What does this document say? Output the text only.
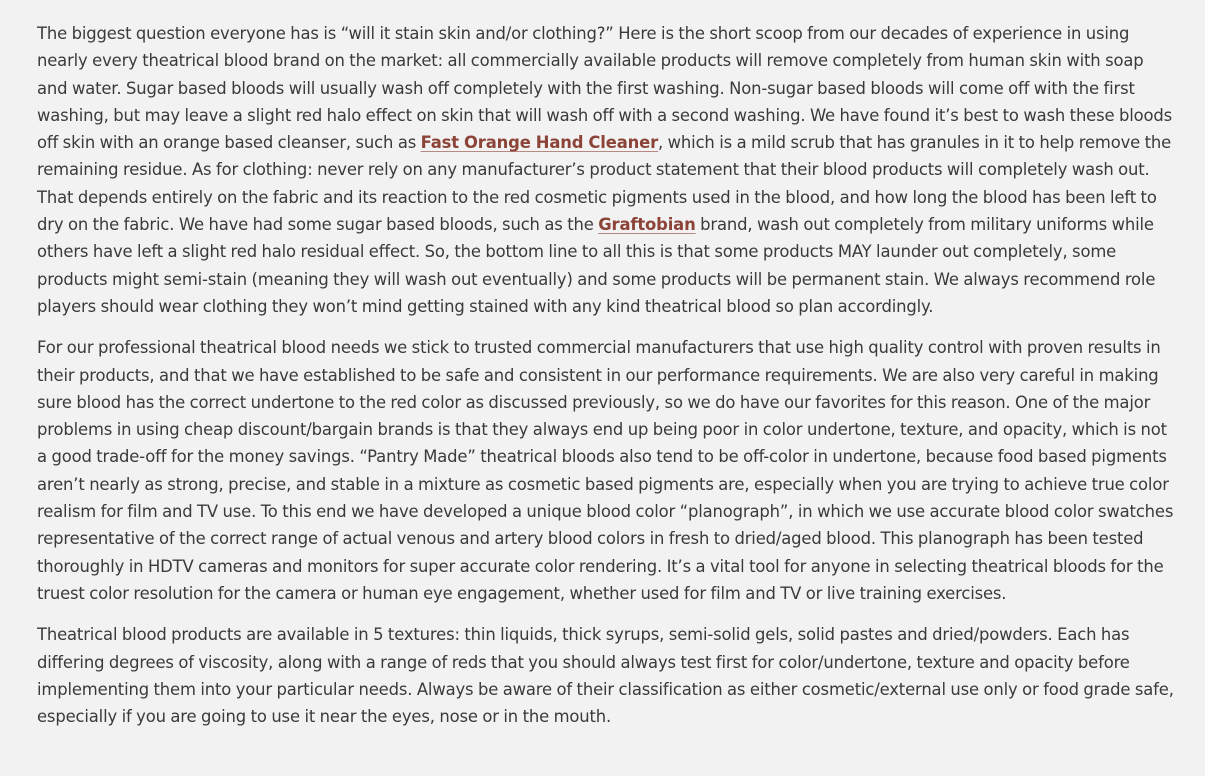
The biggest question everyone has is “will it stain skin and/or clothing?” Here is the short scoop from our decades of experience in using nearly every theatrical blood brand on the market: all commercially available products will remove completely from human skin with soap and water. Sugar based bloods will usually wash off completely with the first washing. Non-sugar based bloods will come off with the first washing, but may leave a slight red halo effect on skin that will wash off with a second washing. We have found it’s best to wash these bloods off skin with an orange based cleanser, such as Fast Orange Hand Cleaner, which is a mild scrub that has granules in it to help remove the remaining residue. As for clothing: never rely on any manufacturer’s product statement that their blood products will completely wash out. That depends entirely on the fabric and its reaction to the red cosmetic pigments used in the blood, and how long the blood has been left to dry on the fabric. We have had some sugar based bloods, such as the Graftobian brand, wash out completely from military uniforms while others have left a slight red halo residual effect. So, the bottom line to all this is that some products MAY launder out completely, some products might semi-stain (meaning they will wash out eventually) and some products will be permanent stain. We always recommend role players should wear clothing they won’t mind getting stained with any kind theatrical blood so plan accordingly.

For our professional theatrical blood needs we stick to trusted commercial manufacturers that use high quality control with proven results in their products, and that we have established to be safe and consistent in our performance requirements. We are also very careful in making sure blood has the correct undertone to the red color as discussed previously, so we do have our favorites for this reason. One of the major problems in using cheap discount/bargain brands is that they always end up being poor in color undertone, texture, and opacity, which is not a good trade-off for the money savings. “Pantry Made” theatrical bloods also tend to be off-color in undertone, because food based pigments aren’t nearly as strong, precise, and stable in a mixture as cosmetic based pigments are, especially when you are trying to achieve true color realism for film and TV use. To this end we have developed a unique blood color “planograph”, in which we use accurate blood color swatches representative of the correct range of actual venous and artery blood colors in fresh to dried/aged blood. This planograph has been tested thoroughly in HDTV cameras and monitors for super accurate color rendering. It’s a vital tool for anyone in selecting theatrical bloods for the truest color resolution for the camera or human eye engagement, whether used for film and TV or live training exercises.

Theatrical blood products are available in 5 textures: thin liquids, thick syrups, semi-solid gels, solid pastes and dried/powders. Each has differing degrees of viscosity, along with a range of reds that you should always test first for color/undertone, texture and opacity before implementing them into your particular needs. Always be aware of their classification as either cosmetic/external use only or food grade safe, especially if you are going to use it near the eyes, nose or in the mouth.
